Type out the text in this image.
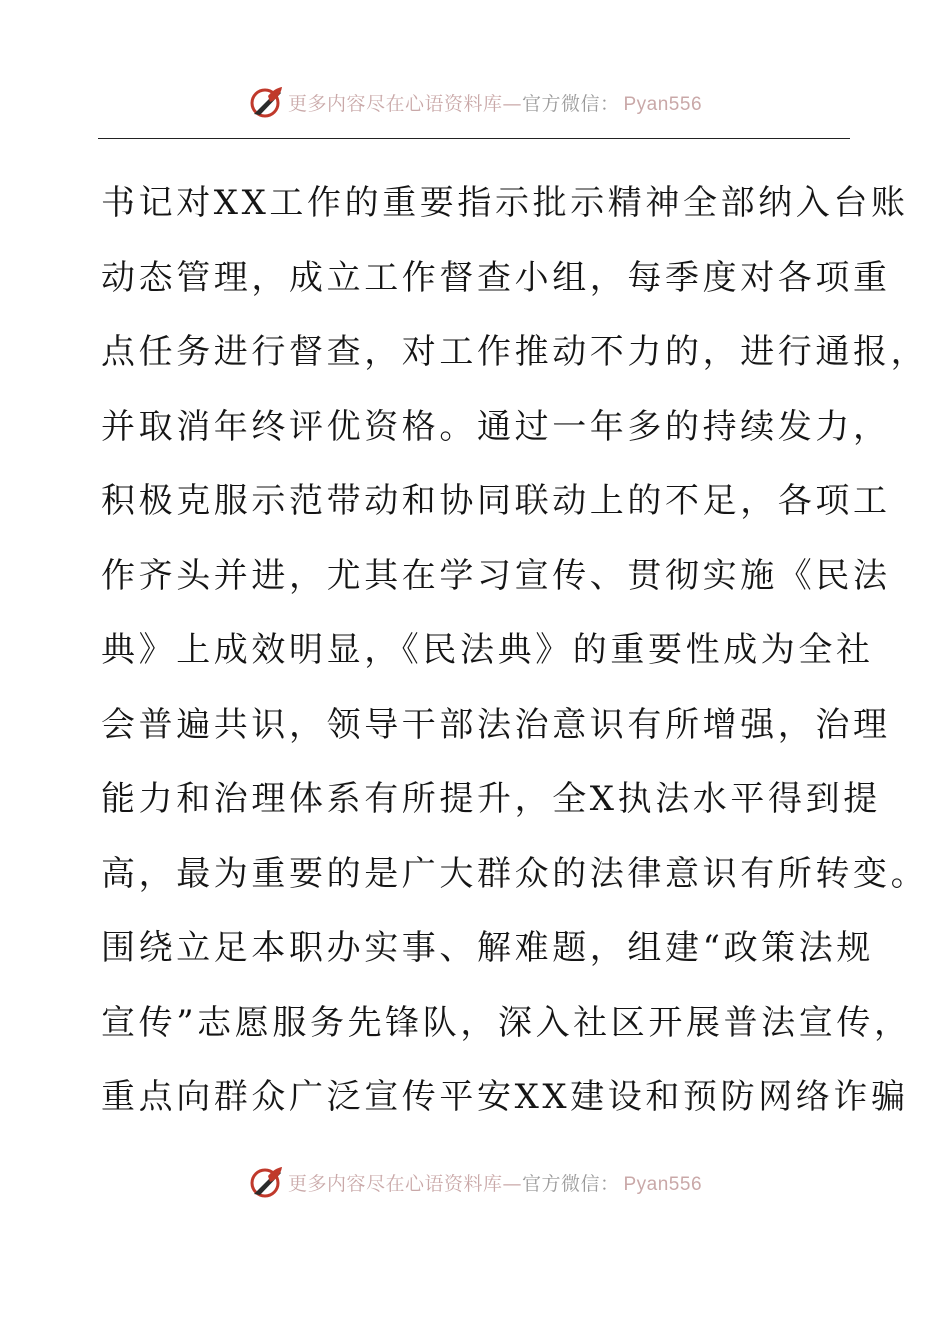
更多内容尽在心语资料库—官方微信： Pyan556
书记对XX工作的重要指示批示精神全部纳入台账
动态管理，成立工作督查小组，每季度对各项重
点任务进行督查，对工作推动不力的，进行通报，
并取消年终评优资格。通过一年多的持续发力，
积极克服示范带动和协同联动上的不足，各项工
作齐头并进，尤其在学习宣传、贯彻实施《民法
典》上成效明显，《民法典》的重要性成为全社
会普遍共识，领导干部法治意识有所增强，治理
能力和治理体系有所提升，全X执法水平得到提
高，最为重要的是广大群众的法律意识有所转变。
围绕立足本职办实事、解难题，组建“政策法规
宣传”志愿服务先锋队，深入社区开展普法宣传，
重点向群众广泛宣传平安XX建设和预防网络诈骗
更多内容尽在心语资料库—官方微信： Pyan556
